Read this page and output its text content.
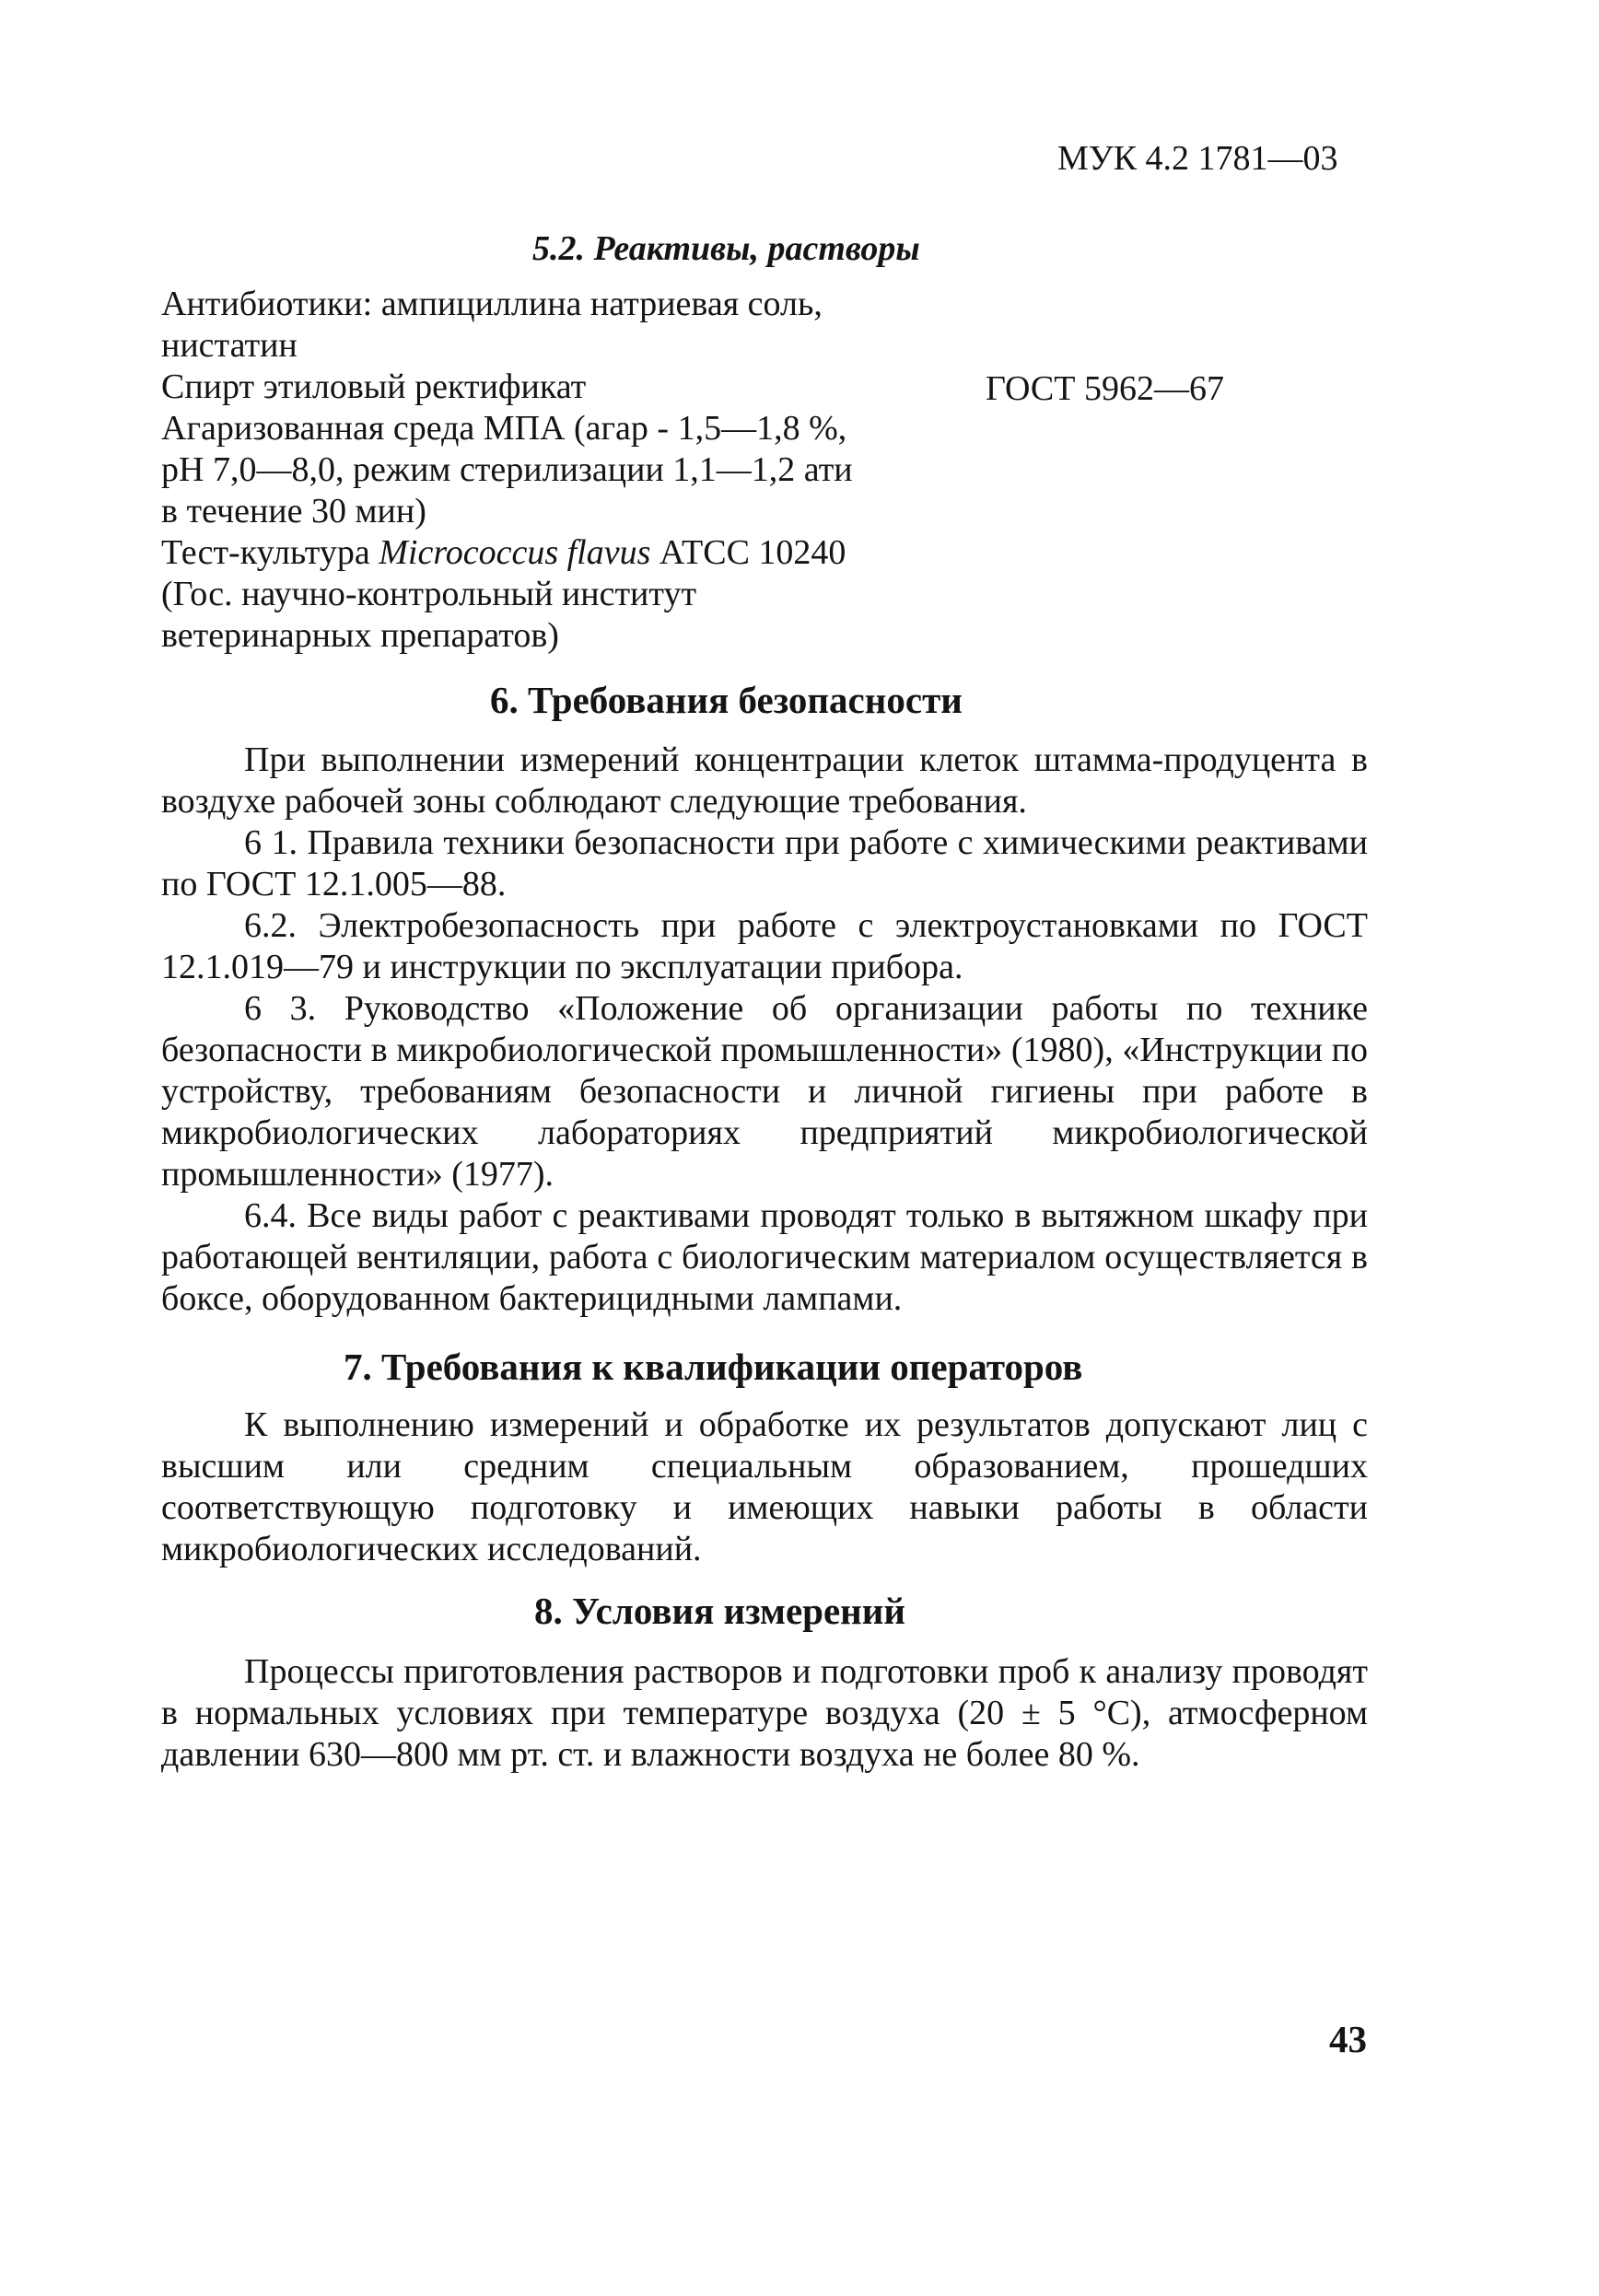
МУК 4.2 1781—03
5.2. Реактивы, растворы
Антибиотики: ампициллина натриевая соль,
нистатин
Спирт этиловый ректификат	ГОСТ 5962—67
Агаризованная среда МПА (агар - 1,5—1,8 %,
рН 7,0—8,0, режим стерилизации 1,1—1,2 ати
в течение 30 мин)
Тест-культура Micrococcus flavus АТСС 10240
(Гос. научно-контрольный институт
ветеринарных препаратов)
6. Требования безопасности

При выполнении измерений концентрации клеток штамма-продуцента в воздухе рабочей зоны соблюдают следующие требования.

6 1. Правила техники безопасности при работе с химическими реактивами по ГОСТ 12.1.005—88.

6.2. Электробезопасность при работе с электроустановками по ГОСТ 12.1.019—79 и инструкции по эксплуатации прибора.

6 3. Руководство «Положение об организации работы по технике безопасности в микробиологической промышленности» (1980), «Инструкции по устройству, требованиям безопасности и личной гигиены при работе в микробиологических лабораториях предприятий микробиологической промышленности» (1977).

6.4. Все виды работ с реактивами проводят только в вытяжном шкафу при работающей вентиляции, работа с биологическим материалом осуществляется в боксе, оборудованном бактерицидными лампами.

7. Требования к квалификации операторов

К выполнению измерений и обработке их результатов допускают лиц с высшим или средним специальным образованием, прошедших соответствующую подготовку и имеющих навыки работы в области микробиологических исследований.

8. Условия измерений

Процессы приготовления растворов и подготовки проб к анализу проводят в нормальных условиях при температуре воздуха (20 ± 5 °С), атмосферном давлении 630—800 мм рт. ст. и влажности воздуха не более 80 %.

43
